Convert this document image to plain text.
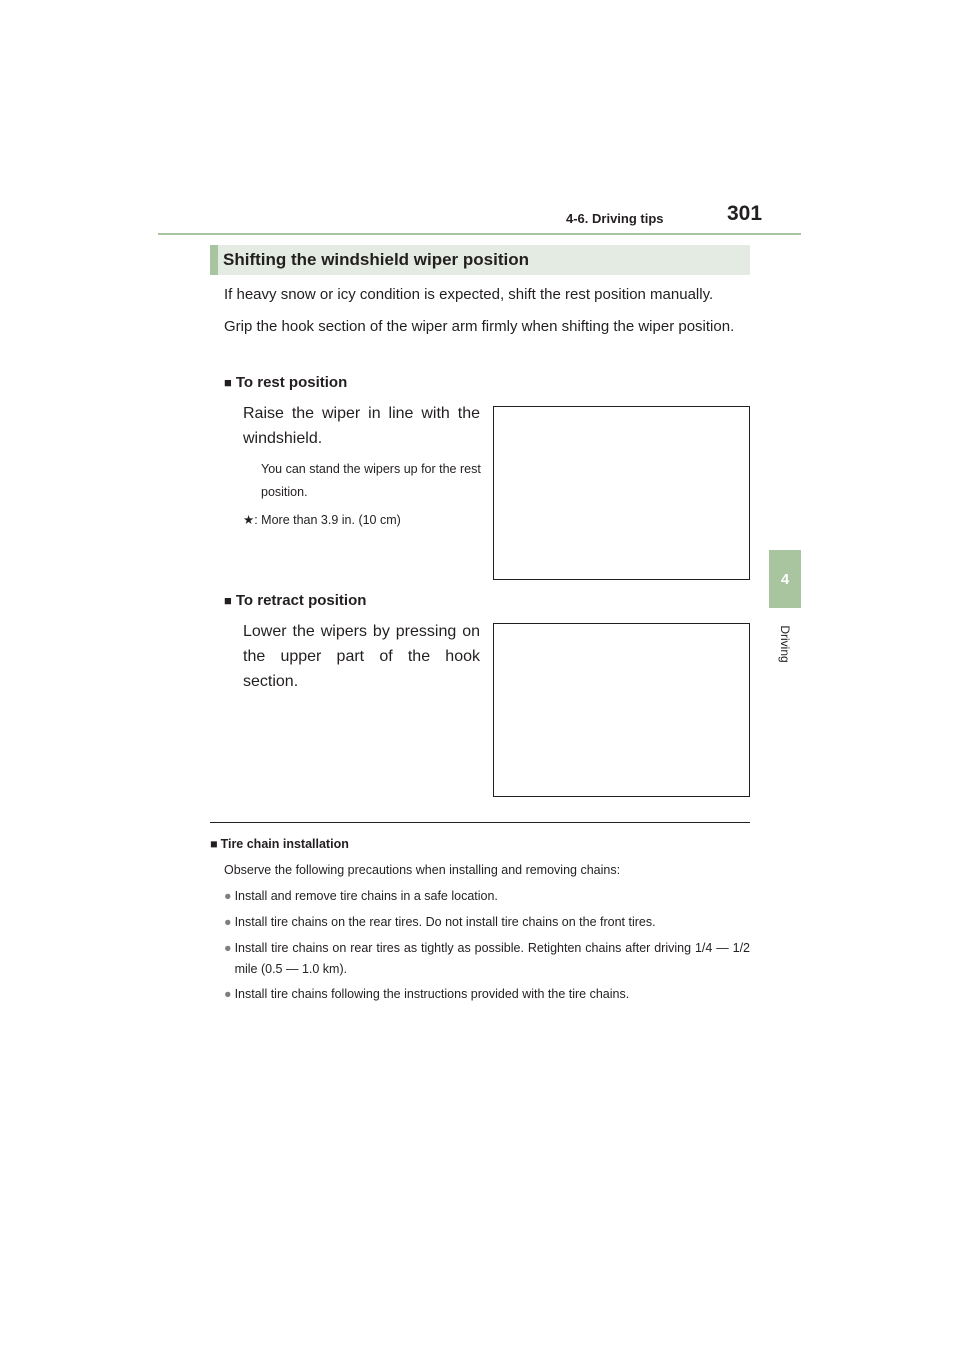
4-6. Driving tips	301
4
Driving
Shifting the windshield wiper position
If heavy snow or icy condition is expected, shift the rest position manually.
Grip the hook section of the wiper arm firmly when shifting the wiper position.
■ To rest position
Raise the wiper in line with the windshield.
You can stand the wipers up for the rest position.
★: More than 3.9 in. (10 cm)
■ To retract position
Lower the wipers by pressing on the upper part of the hook section.
■ Tire chain installation
Observe the following precautions when installing and removing chains:
● Install and remove tire chains in a safe location.
● Install tire chains on the rear tires. Do not install tire chains on the front tires.
● Install tire chains on rear tires as tightly as possible. Retighten chains after driving 1/4 — 1/2 mile (0.5 — 1.0 km).
● Install tire chains following the instructions provided with the tire chains.
